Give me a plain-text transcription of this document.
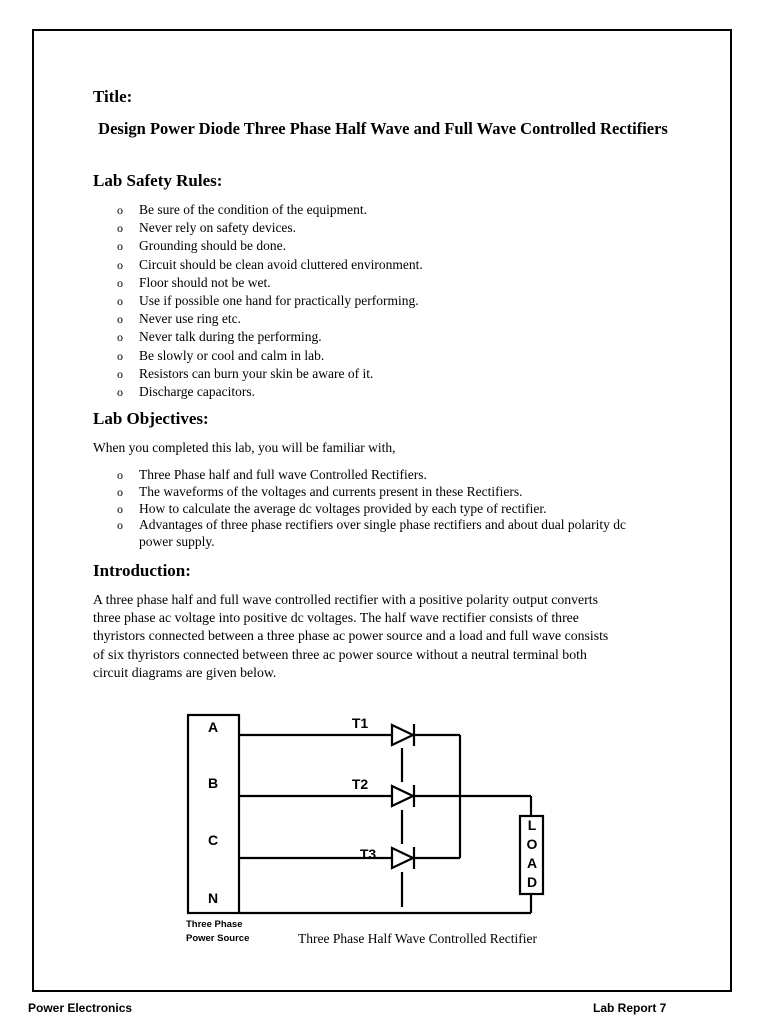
Title:
Design Power Diode Three Phase Half Wave and Full Wave Controlled Rectifiers
Lab Safety Rules:
o Be sure of the condition of the equipment.
o Never rely on safety devices.
o Grounding should be done.
o Circuit should be clean avoid cluttered environment.
o Floor should not be wet.
o Use if possible one hand for practically performing.
o Never use ring etc.
o Never talk during the performing.
o Be slowly or cool and calm in lab.
o Resistors can burn your skin be aware of it.
o Discharge capacitors.
Lab Objectives:

When you completed this lab, you will be familiar with,

o Three Phase half and full wave Controlled Rectifiers.
o The waveforms of the voltages and currents present in these Rectifiers.
o How to calculate the average dc voltages provided by each type of rectifier.
o Advantages of three phase rectifiers over single phase rectifiers and about dual polarity dc power supply.
Introduction:

A three phase half and full wave controlled rectifier with a positive polarity output converts

three phase ac voltage into positive dc voltages. The half wave rectifier consists of three

thyristors connected between a three phase ac power source and a load and full wave consists

of six thyristors connected between three ac power source without a neutral terminal both

circuit diagrams are given below.

A
B
C
N
T1
T2
T3
L
O
A
D
Three Phase
Power Source	Three Phase Half Wave Controlled Rectifier
Power Electronics	Lab Report 7
